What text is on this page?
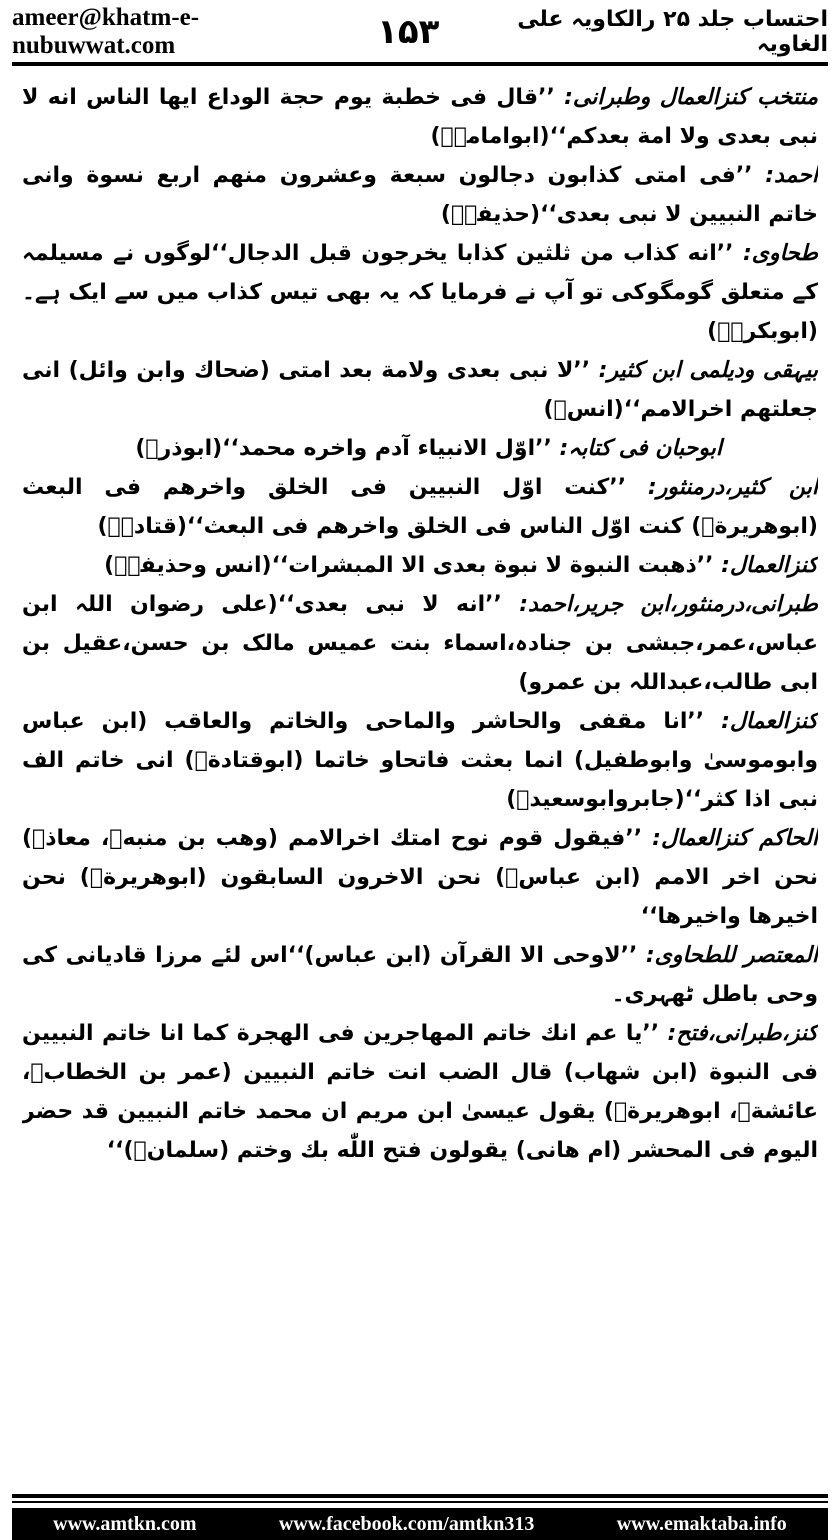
ameer@khatm-e-nubuwwat.com	۱۵۳	احتساب جلد ۲۵ رالکاویہ علی الغاویہ

منتخب کنزالعمال وطبرانی: ’’قال فی خطبة یوم حجة الوداع ایها الناس انه لا نبی بعدی ولا امة بعدکم‘‘(ابوامامہؓ)

احمد: ’’فی امتی کذابون دجالون سبعة وعشرون منهم اربع نسوة وانی خاتم النبیین لا نبی بعدی‘‘(حذیفہؓ)

طحاوی: ’’انه کذاب من ثلثین کذابا یخرجون قبل الدجال‘‘لوگوں نے مسیلمہ کے متعلق گومگوکی تو آپ نے فرمایا کہ یہ بھی تیس کذاب میں سے ایک ہے۔(ابوبکرہؓ)

بیہقی ودیلمی ابن کثیر: ’’لا نبی بعدی ولامة بعد امتی (ضحاك وابن وائل) انی جعلتهم اخرالامم‘‘(انسؓ)

ابوحبان فی کتابہ: ’’اوّل الانبیاء آدم واخره محمد‘‘(ابوذرؓ)

ابن کثیر،درمنثور: ’’کنت اوّل النبیین فی الخلق واخرهم فی البعث (ابوهریرةؓ) کنت اوّل الناس فی الخلق واخرهم فی البعث‘‘(قتادہؓ)

کنزالعمال: ’’ذهبت النبوة لا نبوة بعدی الا المبشرات‘‘(انس وحذیفہؓ)

طبرانی،درمنثور،ابن جریر،احمد: ’’انه لا نبی بعدی‘‘(علی رضوان اللہ ابن عباس،عمر،جبشی بن جنادہ،اسماء بنت عمیس مالک بن حسن،عقیل بن ابی طالب،عبداللہ بن عمرو)

کنزالعمال: ’’انا مقفی والحاشر والماحی والخاتم والعاقب (ابن عباس وابوموسیٰ وابوطفیل) انما بعثت فاتحاو خاتما (ابوقتادةؓ) انی خاتم الف نبی اذا کثر‘‘(جابروابوسعیدؓ)

الحاکم کنزالعمال: ’’فیقول قوم نوح امتك اخرالامم (وهب بن منبهؓ، معاذؓ) نحن اخر الامم (ابن عباسؓ) نحن الاخرون السابقون (ابوهریرةؓ) نحن اخیرها واخیرها‘‘

المعتصر للطحاوی: ’’لاوحی الا القرآن (ابن عباس)‘‘اس لئے مرزا قادیانی کی وحی باطل ٹھہری۔

کنز،طبرانی،فتح: ’’یا عم انك خاتم المهاجرین فی الهجرة کما انا خاتم النبیین فی النبوة (ابن شهاب) قال الضب انت خاتم النبیین (عمر بن الخطابؓ، عائشةؓ، ابوهریرةؓ) یقول عیسیٰ ابن مریم ان محمد خاتم النبیین قد حضر الیوم فی المحشر (ام هانی) یقولون فتح اللّٰه بك وختم (سلمانؓ)‘‘

www.amtkn.com	www.facebook.com/amtkn313	www.emaktaba.info
